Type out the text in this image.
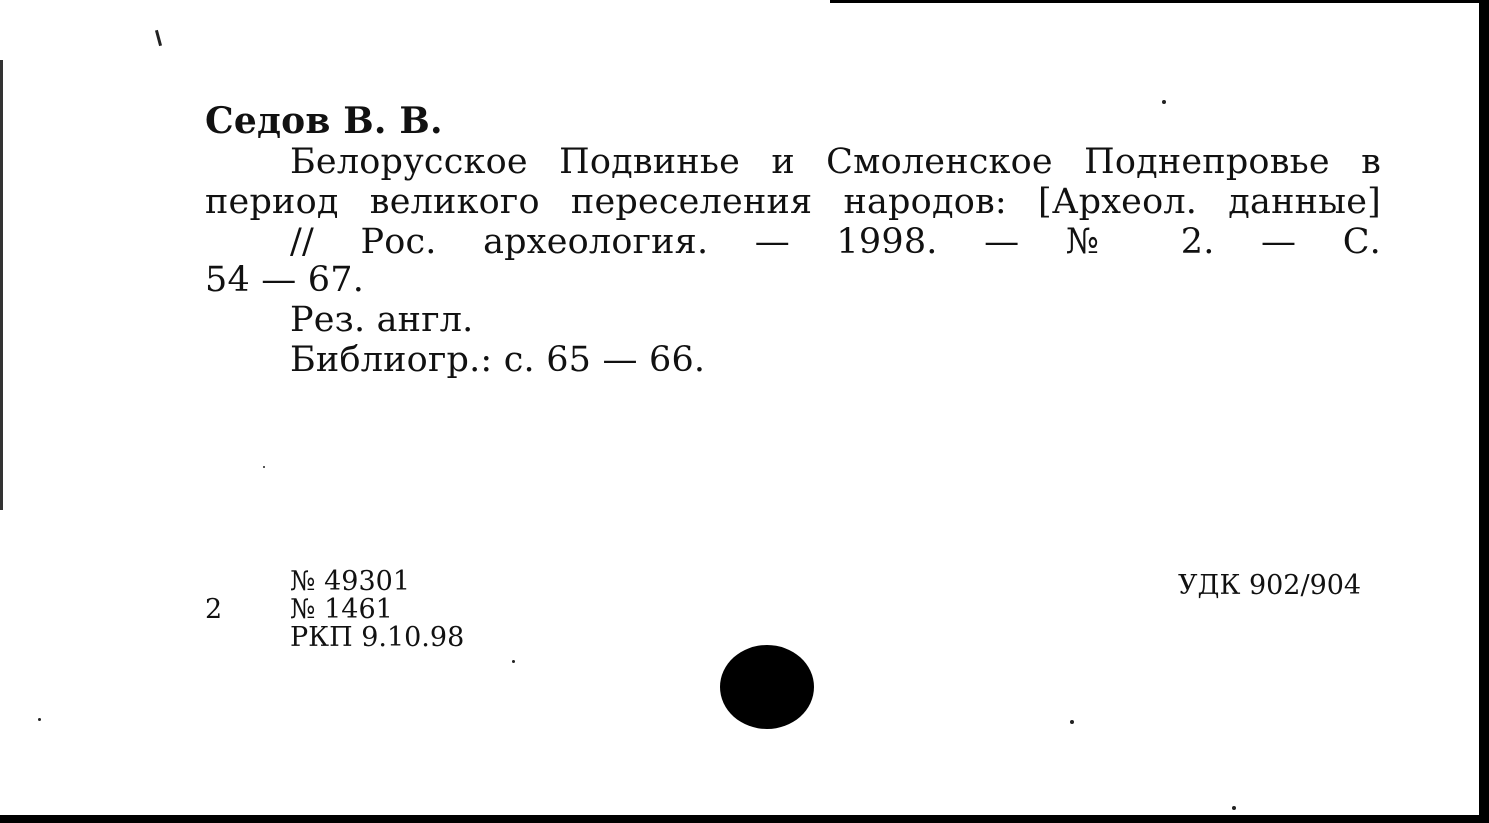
Седов В. В.
Белорусское Подвинье и Смоленское Поднепровье в
период великого переселения народов: [Археол. данные]
// Рос. археология. — 1998. — № 2. — С.
54 — 67.
Рез. англ.
Библиогр.: с. 65 — 66.
№ 49301
2	№ 1461
РКП 9.10.98
УДК 902/904
